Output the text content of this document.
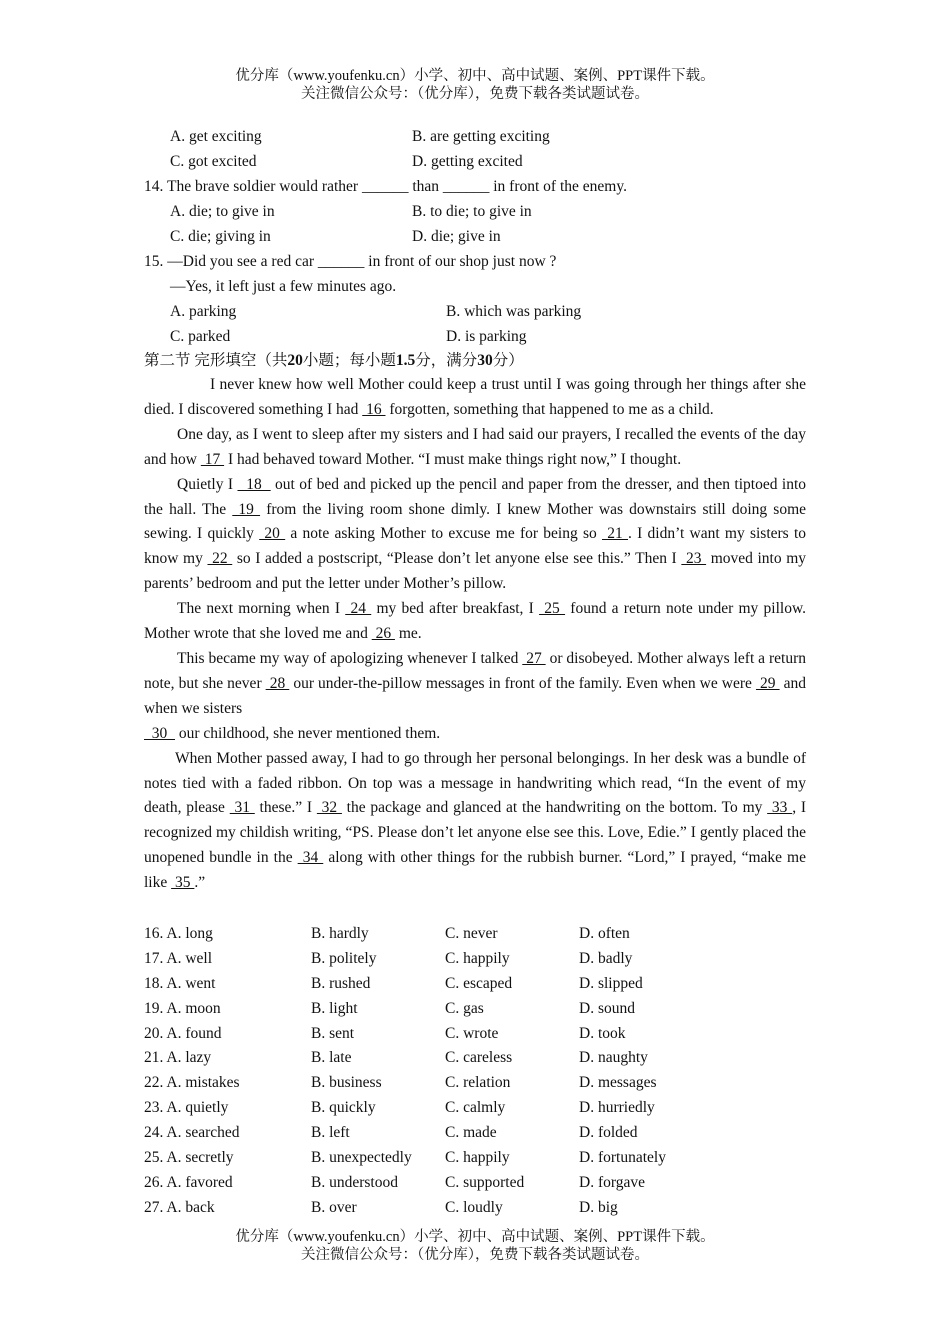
优分库（www.youfenku.cn）小学、初中、高中试题、案例、PPT课件下载。
关注微信公众号：（优分库），免费下载各类试题试卷。
A. get exciting	B. are getting exciting
C. got excited	D. getting excited
14. The brave soldier would rather ______ than ______ in front of the enemy.
A. die; to give in	B. to die; to give in
C. die; giving in	D. die; give in
15. —Did you see a red car ______ in front of our shop just now ?
—Yes, it left just a few minutes ago.
A. parking	B. which was parking
C. parked	D. is parking
第二节 完形填空（共20小题；每小题1.5分，满分30分）

I never knew how well Mother could keep a trust until I was going through her things after she died. I discovered something I had  16  forgotten, something that happened to me as a child.

One day, as I went to sleep after my sisters and I had said our prayers, I recalled the events of the day and how  17  I had behaved toward Mother. “I must make things right now,” I thought.

Quietly I   18   out of bed and picked up the pencil and paper from the dresser, and then tiptoed into the hall. The  19  from the living room shone dimly. I knew Mother was downstairs still doing some sewing. I quickly  20  a note asking Mother to excuse me for being so  21 . I didn’t want my sisters to know my  22  so I added a postscript, “Please don’t let anyone else see this.” Then I  23  moved into my parents’ bedroom and put the letter under Mother’s pillow.

The next morning when I  24  my bed after breakfast, I  25  found a return note under my pillow. Mother wrote that she loved me and  26  me.

This became my way of apologizing whenever I talked  27  or disobeyed. Mother always left a return note, but she never  28  our under-the-pillow messages in front of the family. Even when we were  29  and when we sisters
30   our childhood, she never mentioned them.

When Mother passed away, I had to go through her personal belongings. In her desk was a bundle of notes tied with a faded ribbon. On top was a message in handwriting which read, “In the event of my death, please  31  these.” I  32  the package and glanced at the handwriting on the bottom. To my  33 , I recognized my childish writing, “PS. Please don’t let anyone else see this. Love, Edie.” I gently placed the unopened bundle in the  34  along with other things for the rubbish burner. “Lord,” I prayed, “make me like  35 .”

16. A. long	B. hardly	C. never	D. often
17. A. well	B. politely	C. happily	D. badly
18. A. went	B. rushed	C. escaped	D. slipped
19. A. moon	B. light	C. gas	D. sound
20. A. found	B. sent	C. wrote	D. took
21. A. lazy	B. late	C. careless	D. naughty
22. A. mistakes	B. business	C. relation	D. messages
23. A. quietly	B. quickly	C. calmly	D. hurriedly
24. A. searched	B. left	C. made	D. folded
25. A. secretly	B. unexpectedly C. happily	D. fortunately
26. A. favored	B. understood	C. supported	D. forgave
27. A. back	B. over	C. loudly	D. big
优分库（www.youfenku.cn）小学、初中、高中试题、案例、PPT课件下载。
关注微信公众号：（优分库），免费下载各类试题试卷。
